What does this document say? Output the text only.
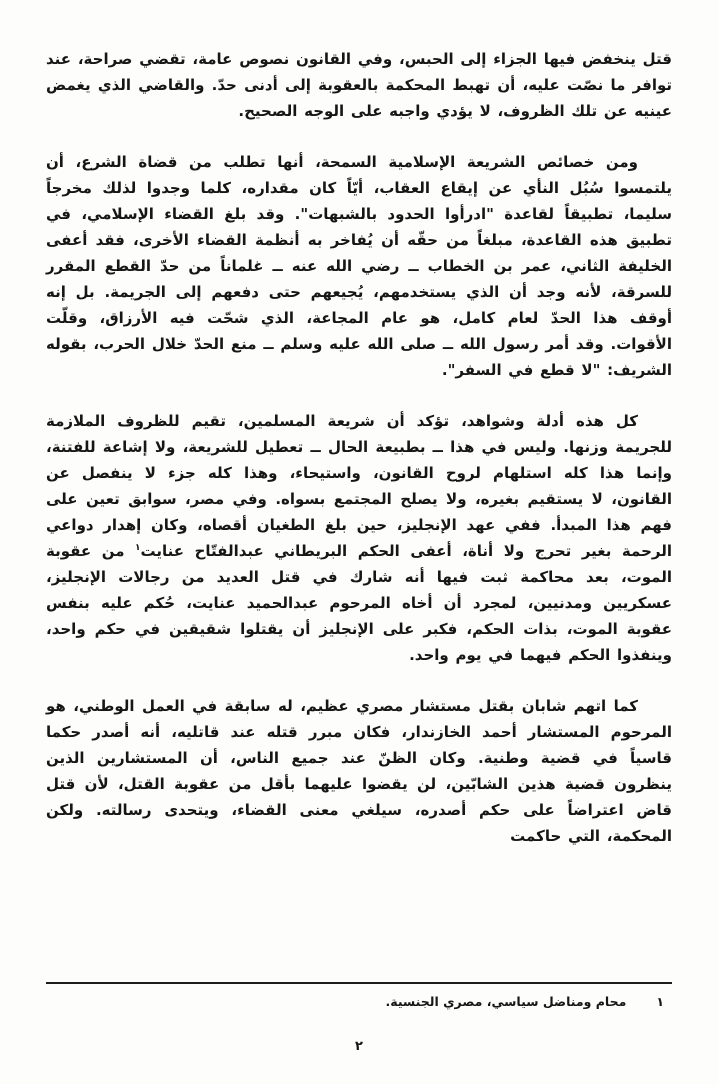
قتل ينخفض فيها الجزاء إلى الحبس، وفي القانون نصوص عامة، تقضي صراحة، عند توافر ما نصّت عليه، أن تهبط المحكمة بالعقوبة إلى أدنى حدّ. والقاضي الذي يغمض عينيه عن تلك الظروف، لا يؤدي واجبه على الوجه الصحيح.

ومن خصائص الشريعة الإسلامية السمحة، أنها تطلب من قضاة الشرع، أن يلتمسوا سُبُل النأي عن إيقاع العقاب، أيّاً كان مقداره، كلما وجدوا لذلك مخرجاً سليما، تطبيقاً لقاعدة "ادرأوا الحدود بالشبهات". وقد بلغ القضاء الإسلامي، في تطبيق هذه القاعدة، مبلغاً من حقّه أن يُفاخر به أنظمة القضاء الأخرى، فقد أعفى الخليفة الثاني، عمر بن الخطاب ــ رضي الله عنه ــ غلماناً من حدّ القطع المقرر للسرقة، لأنه وجد أن الذي يستخدمهم، يُجيعهم حتى دفعهم إلى الجريمة. بل إنه أوقف هذا الحدّ لعام كامل، هو عام المجاعة، الذي شحّت فيه الأرزاق، وقلّت الأقوات. وقد أمر رسول الله ــ صلى الله عليه وسلم ــ منع الحدّ خلال الحرب، بقوله الشريف: "لا قطع في السفر".

كل هذه أدلة وشواهد، تؤكد أن شريعة المسلمين، تقيم للظروف الملازمة للجريمة وزنها. وليس في هذا ــ بطبيعة الحال ــ تعطيل للشريعة، ولا إشاعة للفتنة، وإنما هذا كله استلهام لروح القانون، واستيحاء، وهذا كله جزء لا ينفصل عن القانون، لا يستقيم بغيره، ولا يصلح المجتمع بسواه. وفي مصر، سوابق تعين على فهم هذا المبدأ. ففي عهد الإنجليز، حين بلغ الطغيان أقصاه، وكان إهدار دواعي الرحمة بغير تحرج ولا أناة، أعفى الحكم البريطاني عبدالفتّاح عنايت$^١$ من عقوبة الموت، بعد محاكمة ثبت فيها أنه شارك في قتل العديد من رجالات الإنجليز، عسكريين ومدنيين، لمجرد أن أخاه المرحوم عبدالحميد عنايت، حُكم عليه بنفس عقوبة الموت، بذات الحكم، فكبر على الإنجليز أن يقتلوا شقيقين في حكم واحد، وينفذوا الحكم فيهما في يوم واحد.

كما اتهم شابان بقتل مستشار مصري عظيم، له سابقة في العمل الوطني، هو المرحوم المستشار أحمد الخازندار، فكان مبرر قتله عند قاتليه، أنه أصدر حكما قاسياً في قضية وطنية. وكان الظنّ عند جميع الناس، أن المستشارين الذين ينظرون قضية هذين الشابّين، لن يقضوا عليهما بأقل من عقوبة القتل، لأن قتل قاض اعتراضاً على حكم أصدره، سيلغي معنى القضاء، ويتحدى رسالته. ولكن المحكمة، التي حاكمت

١محام ومناضل سياسي، مصري الجنسية.
٢
